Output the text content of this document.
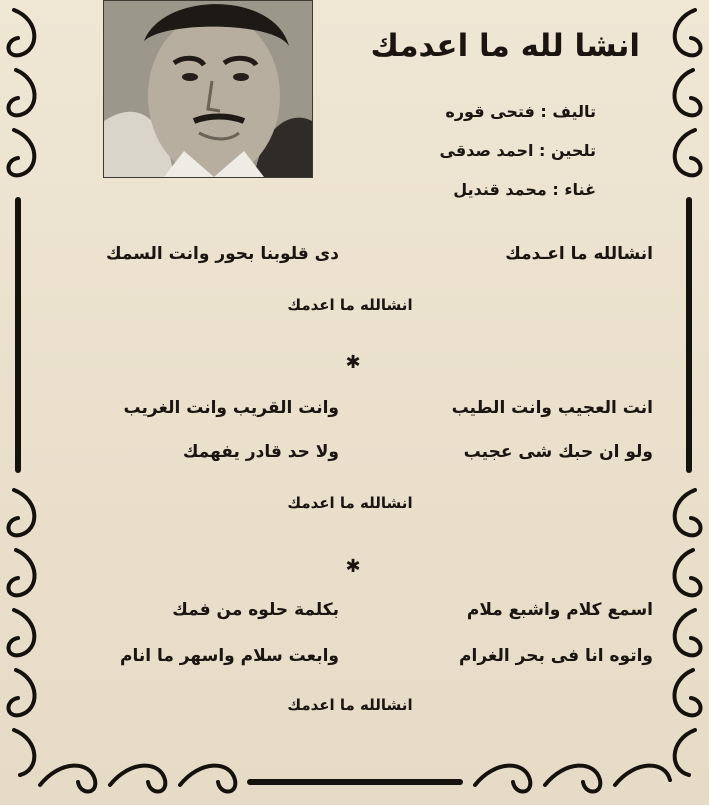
انشا لله ما اعدمك
تاليف : فتحى قوره
تلحين : احمد صدقى
غناء : محمد قنديل
انشالله ما اعـدمك
دى قلوبنا بحور وانت السمك
انشالله ما اعدمك
✱
انت العجيب وانت الطيب
وانت القريب وانت الغريب
ولو ان حبك شى عجيب
ولا حد قادر يفهمك
انشالله ما اعدمك
✱
اسمع كلام واشبع ملام
بكلمة حلوه من فمك
واتوه انا فى بحر الغرام
وابعت سلام واسهر ما انام
انشالله ما اعدمك
